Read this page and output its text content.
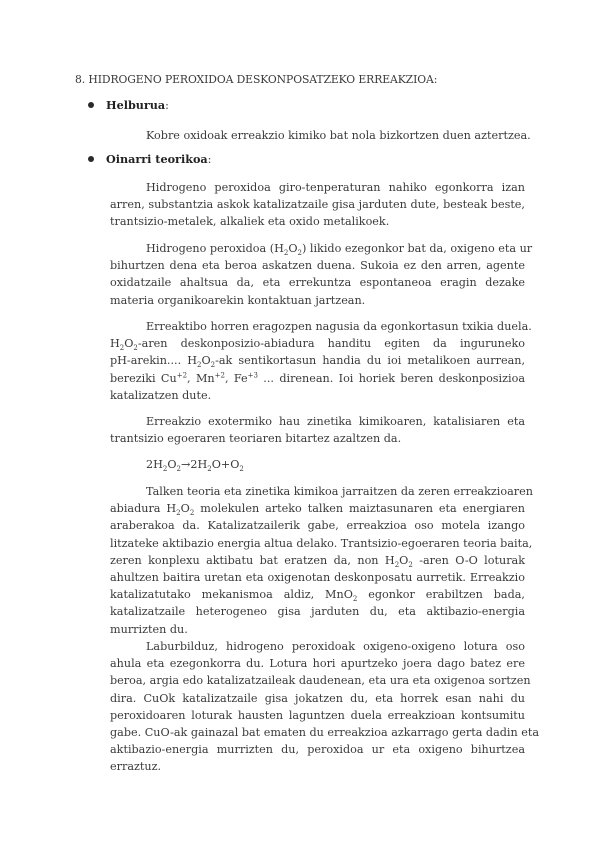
8. HIDROGENO PEROXIDOA DESKONPOSATZEKO ERREAKZIOA:
Helburua:
Kobre oxidoak erreakzio kimiko bat nola bizkortzen duen aztertzea.
Oinarri teorikoa:
Hidrogeno peroxidoa giro-tenperaturan nahiko egonkorra izan
arren, substantzia askok katalizatzaile gisa jarduten dute, besteak beste,
trantsizio-metalek, alkaliek eta oxido metalikoek.
Hidrogeno peroxidoa $(H_2O_2)$ likido ezegonkor bat da, oxigeno eta ur
bihurtzen dena eta beroa askatzen duena. Sukoia ez den arren, agente
oxidatzaile ahaltsua da, eta errekuntza espontaneoa eragin dezake
materia organikoarekin kontaktuan jartzean.
Erreaktibo horren eragozpen nagusia da egonkortasun txikia duela.
$H_2O_2$-aren deskonposizio-abiadura handitu egiten da inguruneko
pH-arekin.... $H_2O_2-ak$ sentikortasun handia du ioi metalikoen aurrean,
bereziki $Cu^{+2}$, $Mn^{+2}$, $Fe^{+3}$ ... direnean. Ioi horiek beren deskonposizioa
katalizatzen dute.
Erreakzio exotermiko hau zinetika kimikoaren, katalisiaren eta
trantsizio egoeraren teoriaren bitartez azaltzen da.
$2H_2O_2\to 2H_2O+O_2$
Talken teoria eta zinetika kimikoa jarraitzen da zeren erreakzioaren
abiadura $H_2O_2$ molekulen arteko talken maiztasunaren eta energiaren
araberakoa da. Katalizatzailerik gabe, erreakzioa oso motela izango
litzateke aktibazio energia altua delako. Trantsizio-egoeraren teoria baita,
zeren konplexu aktibatu bat eratzen da, non $H_2O_2$ -aren O-O loturak
ahultzen baitira uretan eta oxigenotan deskonposatu aurretik. Erreakzio
katalizatutako mekanismoa aldiz, MnO$_2$ egonkor erabiltzen bada,
katalizatzaile heterogeneo gisa jarduten du, eta aktibazio-energia
murrizten du.
Laburbilduz, hidrogeno peroxidoak oxigeno-oxigeno lotura oso
ahula eta ezegonkorra du. Lotura hori apurtzeko joera dago batez ere
beroa, argia edo katalizatzaileak daudenean, eta ura eta oxigenoa sortzen
dira. CuOk katalizatzaile gisa jokatzen du, eta horrek esan nahi du
peroxidoaren loturak hausten laguntzen duela erreakzioan kontsumitu
gabe. CuO-ak gainazal bat ematen du erreakzioa azkarrago gerta dadin eta
aktibazio-energia murrizten du, peroxidoa ur eta oxigeno bihurtzea
erraztuz.
